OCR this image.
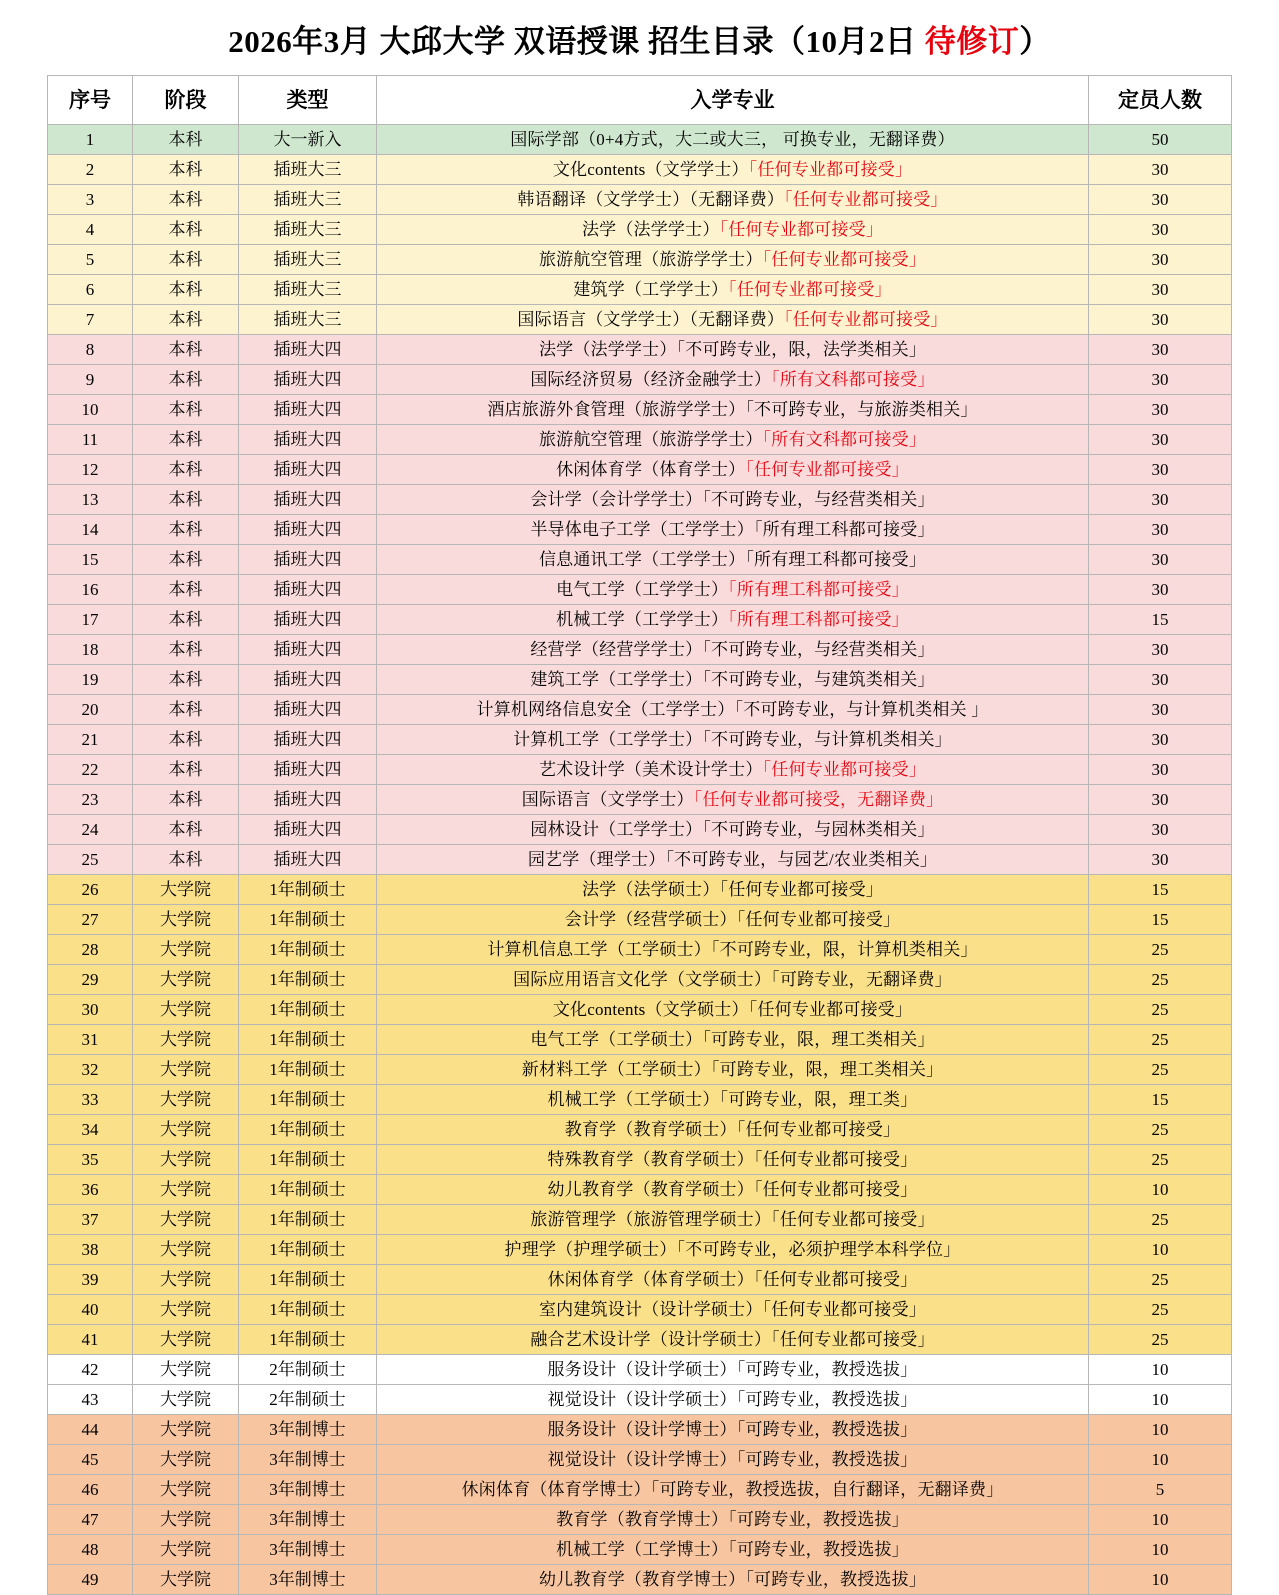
2026年3月 大邱大学 双语授课 招生目录（10月2日 待修订）
序号	阶段	类型	入学专业	定员人数
1	本科	大一新入	国际学部（0+4方式，大二或大三， 可换专业，无翻译费）	50
2	本科	插班大三	文化contents（文学学士）「任何专业都可接受」	30
3	本科	插班大三	韩语翻译（文学学士）（无翻译费）「任何专业都可接受」	30
4	本科	插班大三	法学（法学学士）「任何专业都可接受」	30
5	本科	插班大三	旅游航空管理（旅游学学士）「任何专业都可接受」	30
6	本科	插班大三	建筑学（工学学士）「任何专业都可接受」	30
7	本科	插班大三	国际语言（文学学士）（无翻译费）「任何专业都可接受」	30
8	本科	插班大四	法学（法学学士）「不可跨专业，限，法学类相关」	30
9	本科	插班大四	国际经济贸易（经济金融学士）「所有文科都可接受」	30
10	本科	插班大四	酒店旅游外食管理（旅游学学士）「不可跨专业，与旅游类相关」	30
11	本科	插班大四	旅游航空管理（旅游学学士）「所有文科都可接受」	30
12	本科	插班大四	休闲体育学（体育学士）「任何专业都可接受」	30
13	本科	插班大四	会计学（会计学学士）「不可跨专业，与经营类相关」	30
14	本科	插班大四	半导体电子工学（工学学士）「所有理工科都可接受」	30
15	本科	插班大四	信息通讯工学（工学学士）「所有理工科都可接受」	30
16	本科	插班大四	电气工学（工学学士）「所有理工科都可接受」	30
17	本科	插班大四	机械工学（工学学士）「所有理工科都可接受」	15
18	本科	插班大四	经营学（经营学学士）「不可跨专业，与经营类相关」	30
19	本科	插班大四	建筑工学（工学学士）「不可跨专业，与建筑类相关」	30
20	本科	插班大四	计算机网络信息安全（工学学士）「不可跨专业，与计算机类相关 」	30
21	本科	插班大四	计算机工学（工学学士）「不可跨专业，与计算机类相关」	30
22	本科	插班大四	艺术设计学（美术设计学士）「任何专业都可接受」	30
23	本科	插班大四	国际语言（文学学士）「任何专业都可接受，无翻译费」	30
24	本科	插班大四	园林设计（工学学士）「不可跨专业，与园林类相关」	30
25	本科	插班大四	园艺学（理学士）「不可跨专业，与园艺/农业类相关」	30
26	大学院	1年制硕士	法学（法学硕士）「任何专业都可接受」	15
27	大学院	1年制硕士	会计学（经营学硕士）「任何专业都可接受」	15
28	大学院	1年制硕士	计算机信息工学（工学硕士）「不可跨专业，限，计算机类相关」	25
29	大学院	1年制硕士	国际应用语言文化学（文学硕士）「可跨专业，无翻译费」	25
30	大学院	1年制硕士	文化contents（文学硕士）「任何专业都可接受」	25
31	大学院	1年制硕士	电气工学（工学硕士）「可跨专业，限，理工类相关」	25
32	大学院	1年制硕士	新材料工学（工学硕士）「可跨专业，限，理工类相关」	25
33	大学院	1年制硕士	机械工学（工学硕士）「可跨专业，限，理工类」	15
34	大学院	1年制硕士	教育学（教育学硕士）「任何专业都可接受」	25
35	大学院	1年制硕士	特殊教育学（教育学硕士）「任何专业都可接受」	25
36	大学院	1年制硕士	幼儿教育学（教育学硕士）「任何专业都可接受」	10
37	大学院	1年制硕士	旅游管理学（旅游管理学硕士）「任何专业都可接受」	25
38	大学院	1年制硕士	护理学（护理学硕士）「不可跨专业，必须护理学本科学位」	10
39	大学院	1年制硕士	休闲体育学（体育学硕士）「任何专业都可接受」	25
40	大学院	1年制硕士	室内建筑设计（设计学硕士）「任何专业都可接受」	25
41	大学院	1年制硕士	融合艺术设计学（设计学硕士）「任何专业都可接受」	25
42	大学院	2年制硕士	服务设计（设计学硕士）「可跨专业，教授选拔」	10
43	大学院	2年制硕士	视觉设计（设计学硕士）「可跨专业，教授选拔」	10
44	大学院	3年制博士	服务设计（设计学博士）「可跨专业，教授选拔」	10
45	大学院	3年制博士	视觉设计（设计学博士）「可跨专业，教授选拔」	10
46	大学院	3年制博士	休闲体育（体育学博士）「可跨专业，教授选拔，自行翻译，无翻译费」	5
47	大学院	3年制博士	教育学（教育学博士）「可跨专业，教授选拔」	10
48	大学院	3年制博士	机械工学（工学博士）「可跨专业，教授选拔」	10
49	大学院	3年制博士	幼儿教育学（教育学博士）「可跨专业，教授选拔」	10
